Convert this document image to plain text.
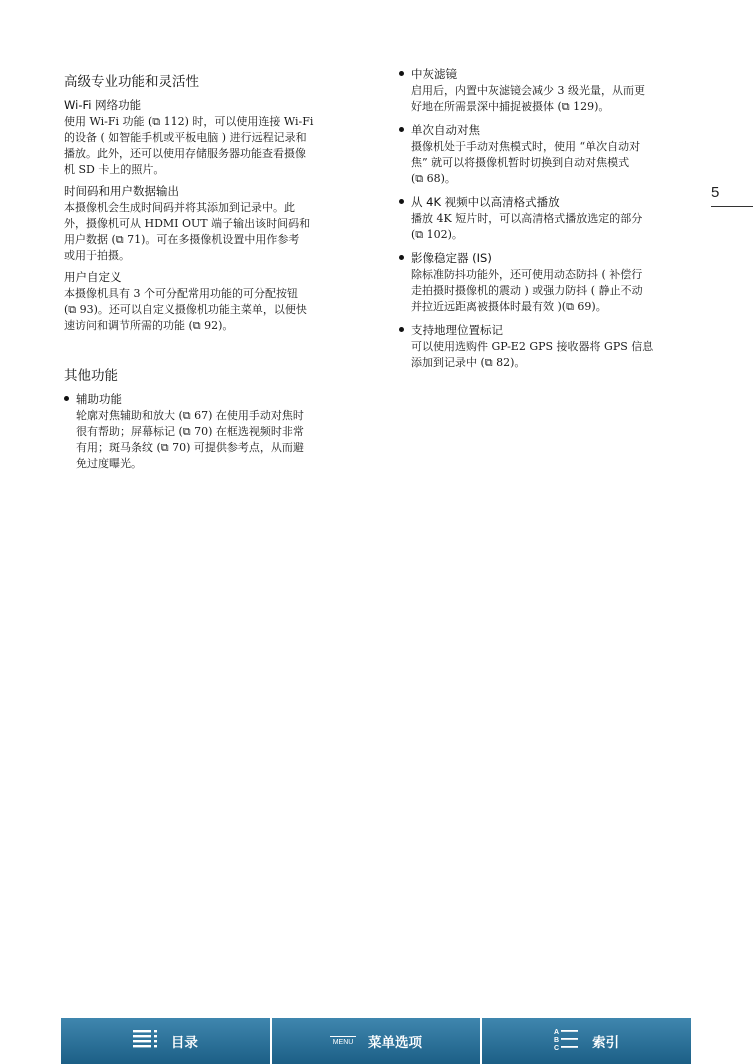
高级专业功能和灵活性
Wi-Fi 网络功能

使用 Wi-Fi 功能 (⧉ 112) 时，可以使用连接 Wi-Fi
的设备 ( 如智能手机或平板电脑 ) 进行远程记录和
播放。此外，还可以使用存储服务器功能查看摄像
机 SD 卡上的照片。

时间码和用户数据输出

本摄像机会生成时间码并将其添加到记录中。此
外，摄像机可从 HDMI OUT 端子输出该时间码和
用户数据 (⧉ 71)。可在多摄像机设置中用作参考
或用于拍摄。

用户自定义

本摄像机具有 3 个可分配常用功能的可分配按钮
(⧉ 93)。还可以自定义摄像机功能主菜单，以便快
速访问和调节所需的功能 (⧉ 92)。

其他功能
辅助功能

轮廓对焦辅助和放大 (⧉ 67) 在使用手动对焦时
很有帮助；屏幕标记 (⧉ 70) 在框选视频时非常
有用；斑马条纹 (⧉ 70) 可提供参考点，从而避
免过度曝光。

中灰滤镜

启用后，内置中灰滤镜会减少 3 级光量，从而更
好地在所需景深中捕捉被摄体 (⧉ 129)。

单次自动对焦

摄像机处于手动对焦模式时，使用 “单次自动对
焦” 就可以将摄像机暂时切换到自动对焦模式
(⧉ 68)。

从 4K 视频中以高清格式播放

播放 4K 短片时，可以高清格式播放选定的部分
(⧉ 102)。

影像稳定器 (IS)

除标准防抖功能外，还可使用动态防抖 ( 补偿行
走拍摄时摄像机的震动 ) 或强力防抖 ( 静止不动
并拉近远距离被摄体时最有效 )(⧉ 69)。

支持地理位置标记

可以使用选购件 GP-E2 GPS 接收器将 GPS 信息
添加到记录中 (⧉ 82)。

5
目录	MENU 菜单选项
A
B
C 索引
